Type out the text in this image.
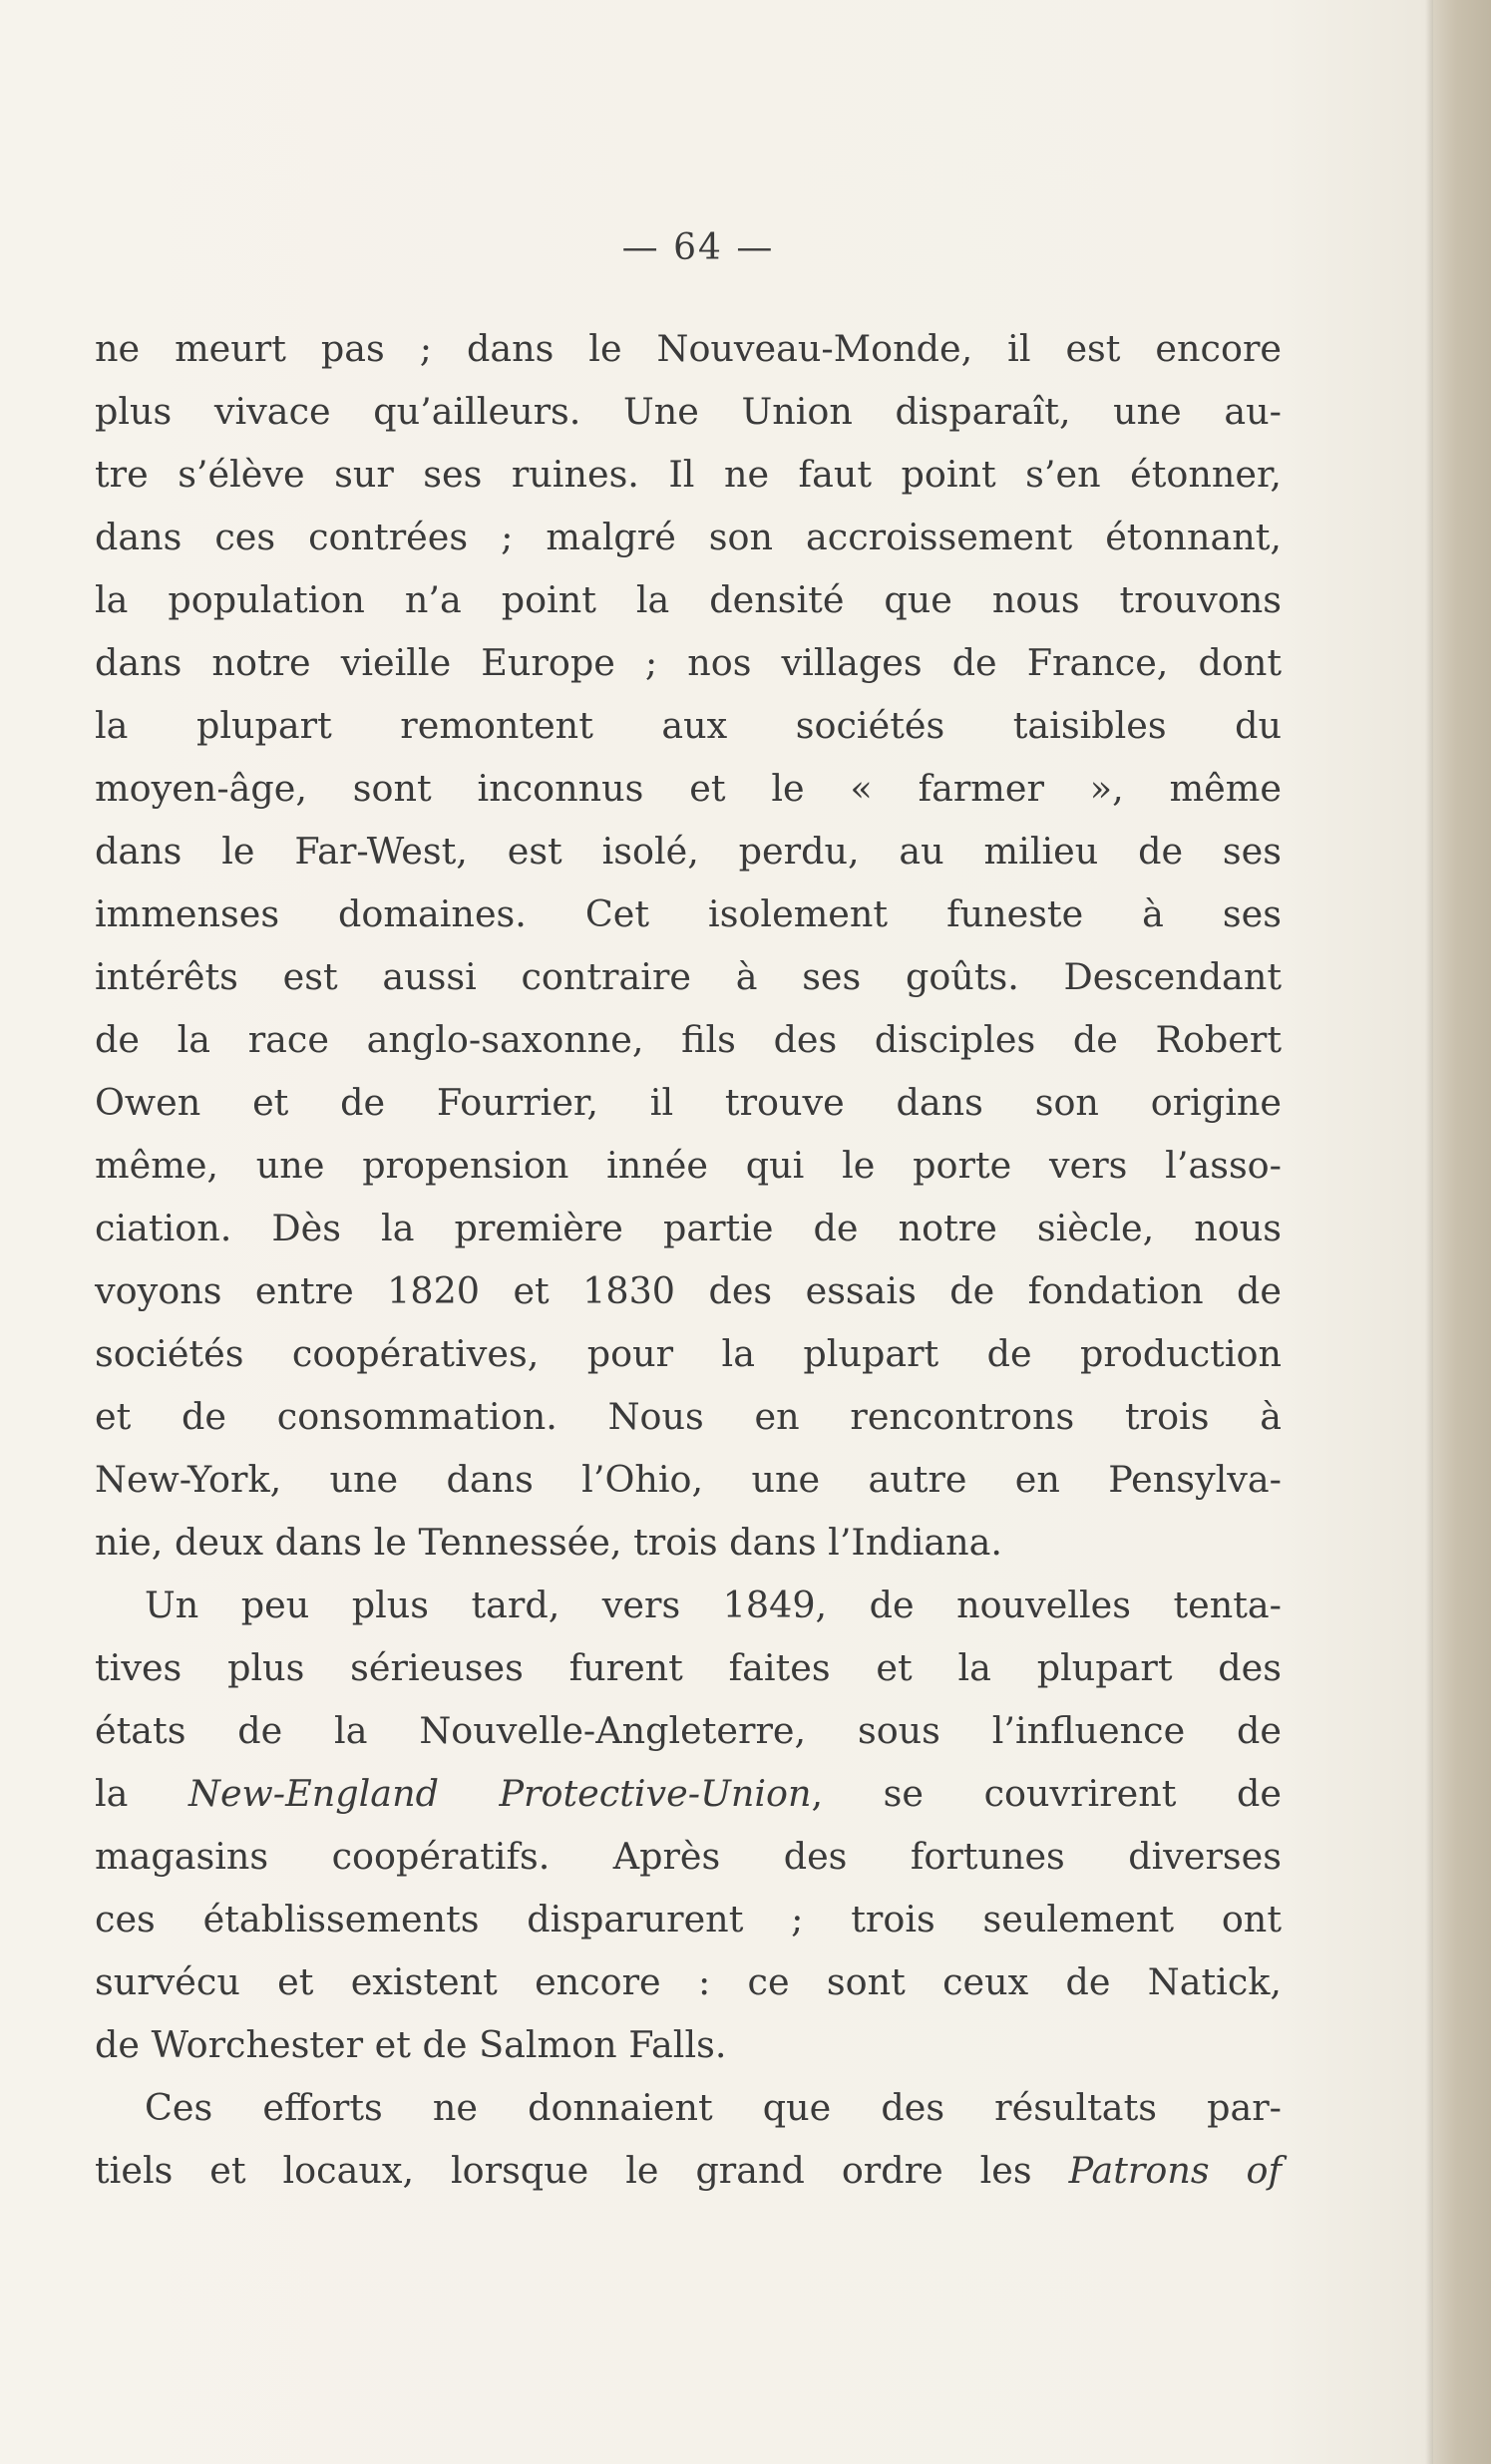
— 64 —
ne meurt pas ; dans le Nouveau-Monde, il est encore
plus vivace qu’ailleurs. Une Union disparaît, une au-
tre s’élève sur ses ruines. Il ne faut point s’en étonner,
dans ces contrées ; malgré son accroissement étonnant,
la population n’a point la densité que nous trouvons
dans notre vieille Europe ; nos villages de France, dont
la plupart remontent aux sociétés taisibles du
moyen-âge, sont inconnus et le « farmer », même
dans le Far-West, est isolé, perdu, au milieu de ses
immenses domaines. Cet isolement funeste à ses
intérêts est aussi contraire à ses goûts. Descendant
de la race anglo-saxonne, fils des disciples de Robert
Owen et de Fourrier, il trouve dans son origine
même, une propension innée qui le porte vers l’asso-
ciation. Dès la première partie de notre siècle, nous
voyons entre 1820 et 1830 des essais de fondation de
sociétés coopératives, pour la plupart de production
et de consommation. Nous en rencontrons trois à
New-York, une dans l’Ohio, une autre en Pensylva-
nie, deux dans le Tennessée, trois dans l’Indiana.
Un peu plus tard, vers 1849, de nouvelles tenta-
tives plus sérieuses furent faites et la plupart des
états de la Nouvelle-Angleterre, sous l’influence de
la New-England Protective-Union, se couvrirent de
magasins coopératifs. Après des fortunes diverses
ces établissements disparurent ; trois seulement ont
survécu et existent encore : ce sont ceux de Natick,
de Worchester et de Salmon Falls.
Ces efforts ne donnaient que des résultats par-
tiels et locaux, lorsque le grand ordre les Patrons of
